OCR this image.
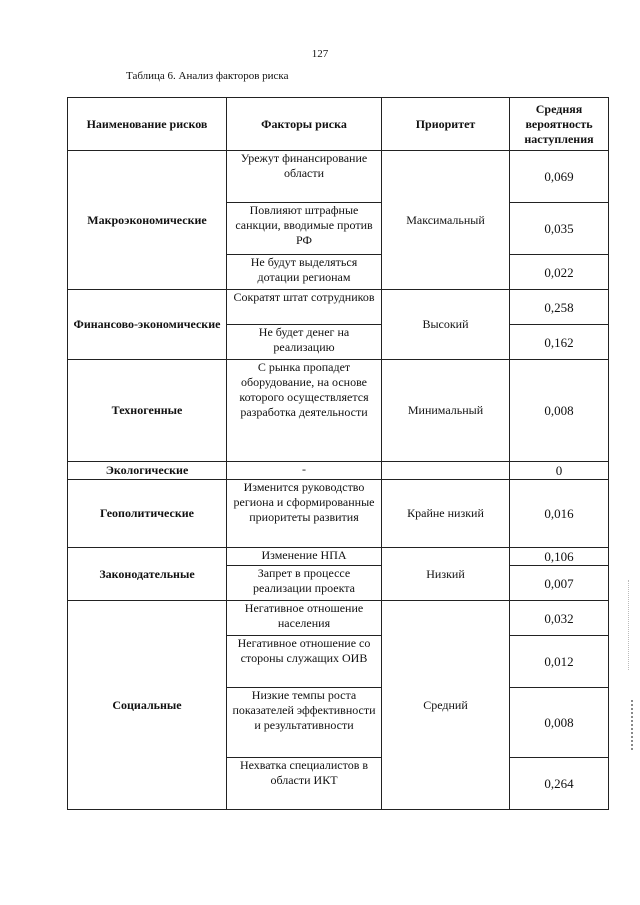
127
Таблица 6. Анализ факторов риска
Наименование рисков	Факторы риска	Приоритет	Средняя вероятность наступления
Макроэкономические	Урежут финансирование области	Максимальный	0,069
	Повлияют штрафные санкции, вводимые против РФ		0,035
	Не будут выделяться дотации регионам		0,022
Финансово-экономические	Сократят штат сотрудников	Высокий	0,258
	Не будет денег на реализацию		0,162
Техногенные	С рынка пропадет оборудование, на основе которого осуществляется разработка деятельности	Минимальный	0,008
Экологические	-		0
Геополитические	Изменится руководство региона и сформированные приоритеты развития	Крайне низкий	0,016
Законодательные	Изменение НПА	Низкий	0,106
	Запрет в процессе реализации проекта		0,007
Социальные	Негативное отношение населения	Средний	0,032
	Негативное отношение со стороны служащих ОИВ		0,012
	Низкие темпы роста показателей эффективности и результативности		0,008
	Нехватка специалистов в области ИКТ		0,264
